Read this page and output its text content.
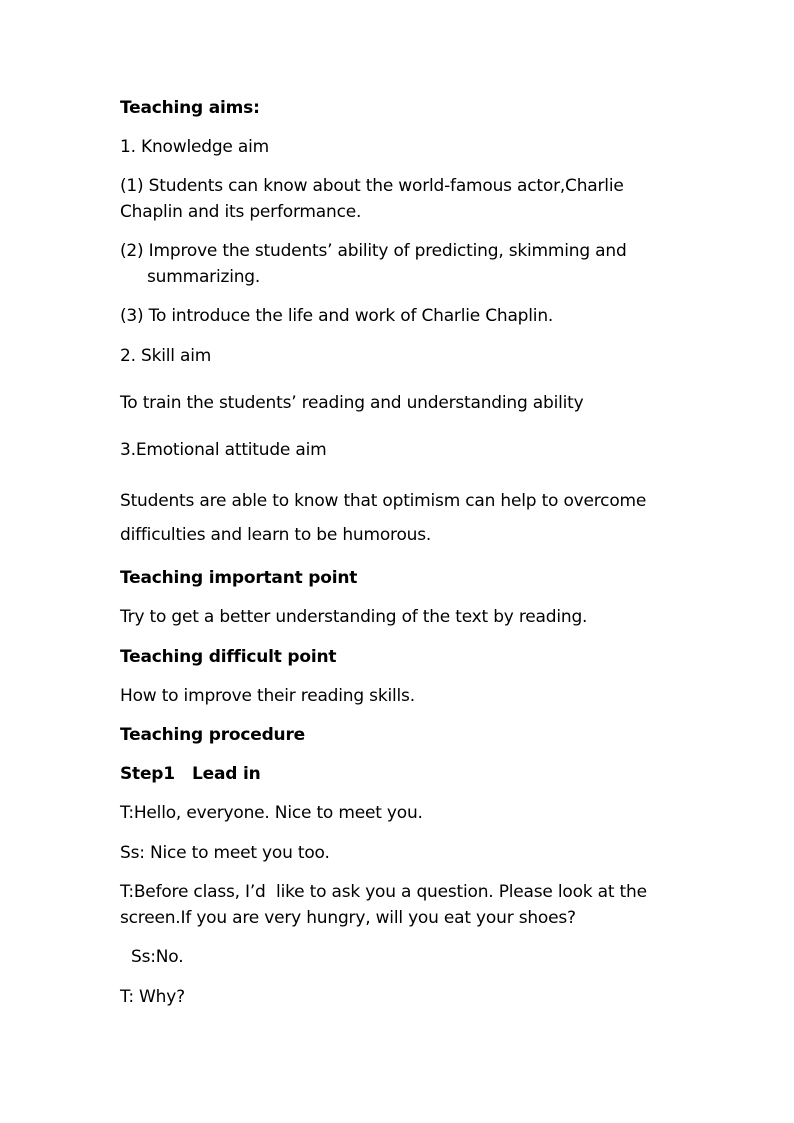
Teaching aims:
1. Knowledge aim
(1) Students can know about the world-famous actor,Charlie Chaplin and its performance.
(2) Improve the students’ ability of predicting, skimming and summarizing.
(3) To introduce the life and work of Charlie Chaplin.
2. Skill aim
To train the students’ reading and understanding ability
3.Emotional attitude aim
Students are able to know that optimism can help to overcome difficulties and learn to be humorous.
Teaching important point
Try to get a better understanding of the text by reading.
Teaching difficult point
How to improve their reading skills.
Teaching procedure
Step1   Lead in
T:Hello, everyone. Nice to meet you.
Ss: Nice to meet you too.
T:Before class, I’d  like to ask you a question. Please look at the screen.If you are very hungry, will you eat your shoes?
Ss:No.
T: Why?
